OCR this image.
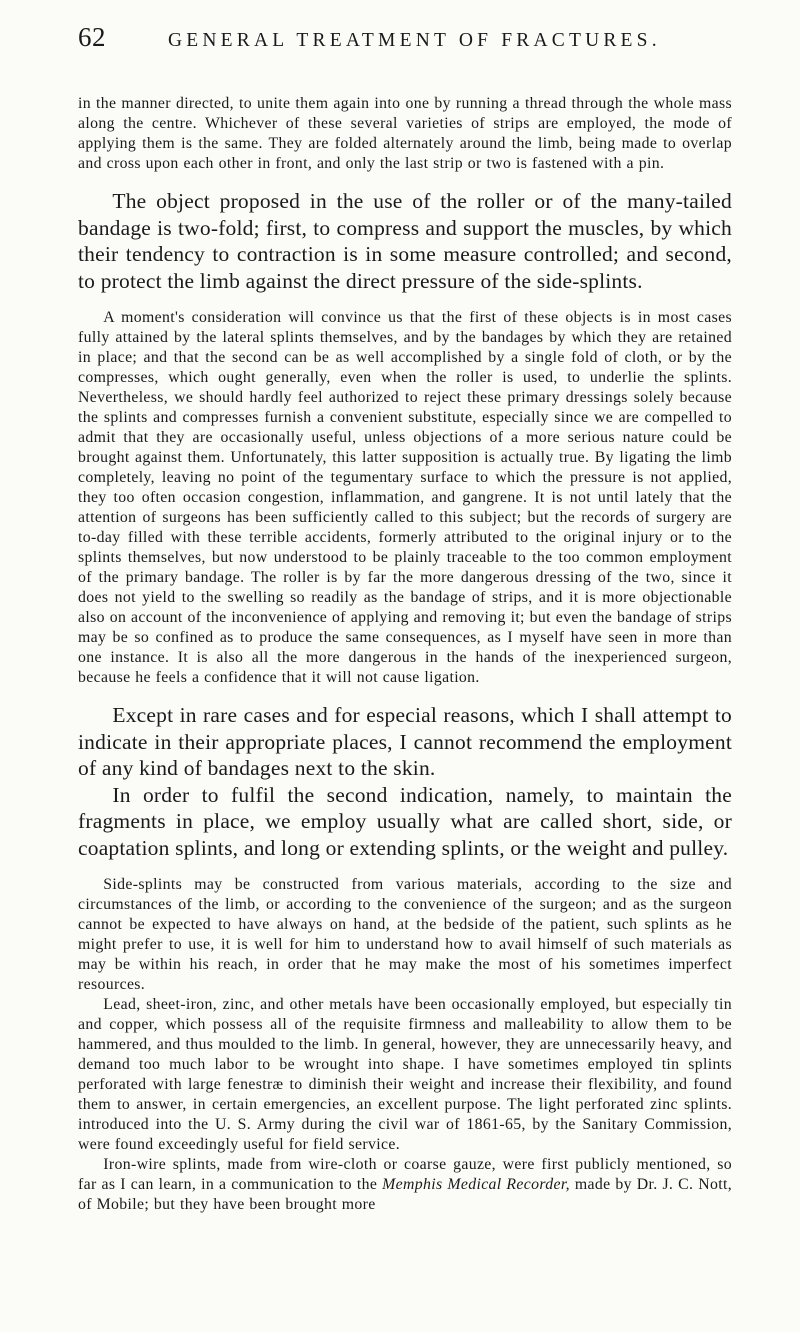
62	GENERAL TREATMENT OF FRACTURES.

in the manner directed, to unite them again into one by running a thread through the whole mass along the centre. Whichever of these several varieties of strips are employed, the mode of applying them is the same. They are folded alternately around the limb, being made to overlap and cross upon each other in front, and only the last strip or two is fastened with a pin.

The object proposed in the use of the roller or of the many-tailed bandage is two-fold; first, to compress and support the muscles, by which their tendency to contraction is in some measure controlled; and second, to protect the limb against the direct pressure of the side-splints.

A moment's consideration will convince us that the first of these objects is in most cases fully attained by the lateral splints themselves, and by the bandages by which they are retained in place; and that the second can be as well accomplished by a single fold of cloth, or by the compresses, which ought generally, even when the roller is used, to underlie the splints. Nevertheless, we should hardly feel authorized to reject these primary dressings solely because the splints and compresses furnish a convenient substitute, especially since we are compelled to admit that they are occasionally useful, unless objections of a more serious nature could be brought against them. Unfortunately, this latter supposition is actually true. By ligating the limb completely, leaving no point of the tegumentary surface to which the pressure is not applied, they too often occasion congestion, inflammation, and gangrene. It is not until lately that the attention of surgeons has been sufficiently called to this subject; but the records of surgery are to-day filled with these terrible accidents, formerly attributed to the original injury or to the splints themselves, but now understood to be plainly traceable to the too common employment of the primary bandage. The roller is by far the more dangerous dressing of the two, since it does not yield to the swelling so readily as the bandage of strips, and it is more objectionable also on account of the inconvenience of applying and removing it; but even the bandage of strips may be so confined as to produce the same consequences, as I myself have seen in more than one instance. It is also all the more dangerous in the hands of the inexperienced surgeon, because he feels a confidence that it will not cause ligation.

Except in rare cases and for especial reasons, which I shall attempt to indicate in their appropriate places, I cannot recommend the employment of any kind of bandages next to the skin.

In order to fulfil the second indication, namely, to maintain the fragments in place, we employ usually what are called short, side, or coaptation splints, and long or extending splints, or the weight and pulley.

Side-splints may be constructed from various materials, according to the size and circumstances of the limb, or according to the convenience of the surgeon; and as the surgeon cannot be expected to have always on hand, at the bedside of the patient, such splints as he might prefer to use, it is well for him to understand how to avail himself of such materials as may be within his reach, in order that he may make the most of his sometimes imperfect resources.

Lead, sheet-iron, zinc, and other metals have been occasionally employed, but especially tin and copper, which possess all of the requisite firmness and malleability to allow them to be hammered, and thus moulded to the limb. In general, however, they are unnecessarily heavy, and demand too much labor to be wrought into shape. I have sometimes employed tin splints perforated with large fenestræ to diminish their weight and increase their flexibility, and found them to answer, in certain emergencies, an excellent purpose. The light perforated zinc splints. introduced into the U. S. Army during the civil war of 1861-65, by the Sanitary Commission, were found exceedingly useful for field service.

Iron-wire splints, made from wire-cloth or coarse gauze, were first publicly mentioned, so far as I can learn, in a communication to the Memphis Medical Recorder, made by Dr. J. C. Nott, of Mobile; but they have been brought more
